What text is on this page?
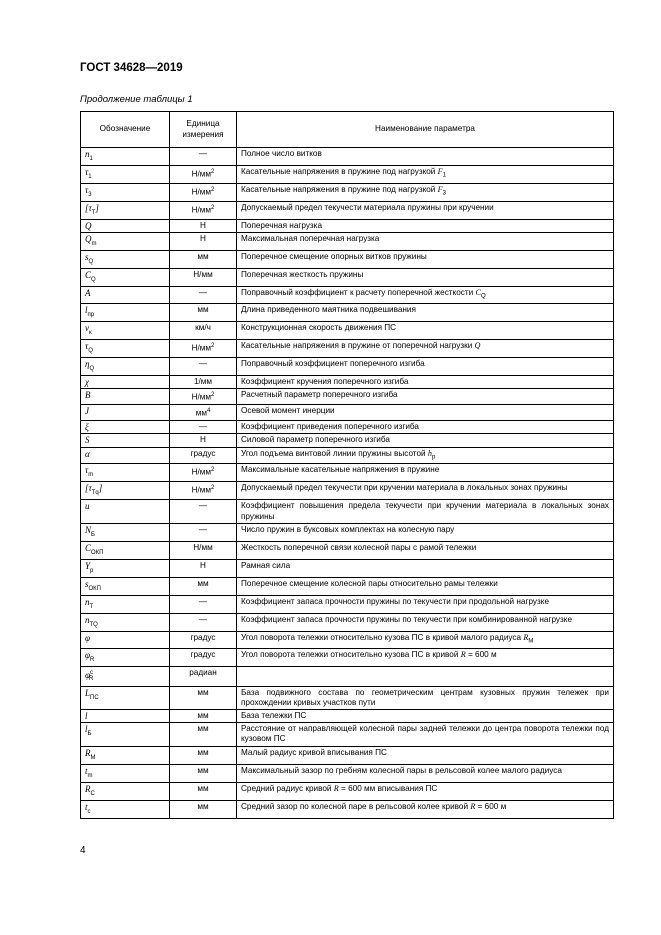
ГОСТ 34628—2019

Продолжение таблицы 1

Обозначение	Единица измерения	Наименование параметра
$n_1$	—	Полное число витков
$\tau_1$	$Н/мм^2$	Касательные напряжения в пружине под нагрузкой $F_1$
$\tau_3$	$Н/мм^2$	Касательные напряжения в пружине под нагрузкой $F_3$
$[\tau_T]$	$Н/мм^2$	Допускаемый предел текучести материала пружины при кручении
Q	Н	Поперечная нагрузка
$Q_m$	Н	Максимальная поперечная нагрузка
$s_Q$	мм	Поперечное смещение опорных витков пружины
$C_Q$	Н/мм	Поперечная жесткость пружины
A	—	Поправочный коэффициент к расчету поперечной жесткости $C_Q$
$l_{пр}$	мм	Длина приведенного маятника подвешивания
$v_к$	км/ч	Конструкционная скорость движения ПС
$\tau_Q$	$Н/мм^2$	Касательные напряжения в пружине от поперечной нагрузки Q
$\eta_Q$	—	Поправочный коэффициент поперечного изгиба
χ	1/мм	Коэффициент кручения поперечного изгиба
B	$Н/мм^2$	Расчетный параметр поперечного изгиба
J	$мм^4$	Осевой момент инерции
ξ	—	Коэффициент приведения поперечного изгиба
S	Н	Силовой параметр поперечного изгиба
α	градус	Угол подъема винтовой линии пружины высотой $h_p$
$\tau_m$	$Н/мм^2$	Максимальные касательные напряжения в пружине
$[\tau_{Tq}]$	$Н/мм^2$	Допускаемый предел текучести при кручении материала в локальных зонах пружины
u	—	Коэффициент повышения предела текучести при кручении материала в локальных зонах пружины
$N_Б$	—	Число пружин в буксовых комплектах на колесную пару
$C_{ОКП}$	Н/мм	Жесткость поперечной связи колесной пары с рамой тележки
$Y_р$	Н	Рамная сила
$s_{ОКП}$	мм	Поперечное смещение колесной пары относительно рамы тележки
$n_T$	—	Коэффициент запаса прочности пружины по текучести при продольной нагрузке
$n_{TQ}$	—	Коэффициент запаса прочности пружины по текучести при комбинированной нагрузке
φ	градус	Угол поворота тележки относительно кузова ПС в кривой малого радиуса $R_М$
$\varphi_R$	градус	Угол поворота тележки относительно кузова ПС в кривой R = 600 м
$\varphi^c_R$	радиан	
$L_{ПС}$	мм	База подвижного состава по геометрическим центрам кузовных пружин тележек при прохождении кривых участков пути
l	мм	База тележки ПС
$l_Б$	мм	Расстояние от направляющей колесной пары задней тележки до центра поворота тележки под кузовом ПС
$R_М$	мм	Малый радиус кривой вписывания ПС
$t_m$	мм	Максимальный зазор по гребням колесной пары в рельсовой колее малого радиуса
$R_C$	мм	Средний радиус кривой R = 600 мм вписывания ПС
$t_c$	мм	Средний зазор по колесной паре в рельсовой колее кривой R = 600 м

4
